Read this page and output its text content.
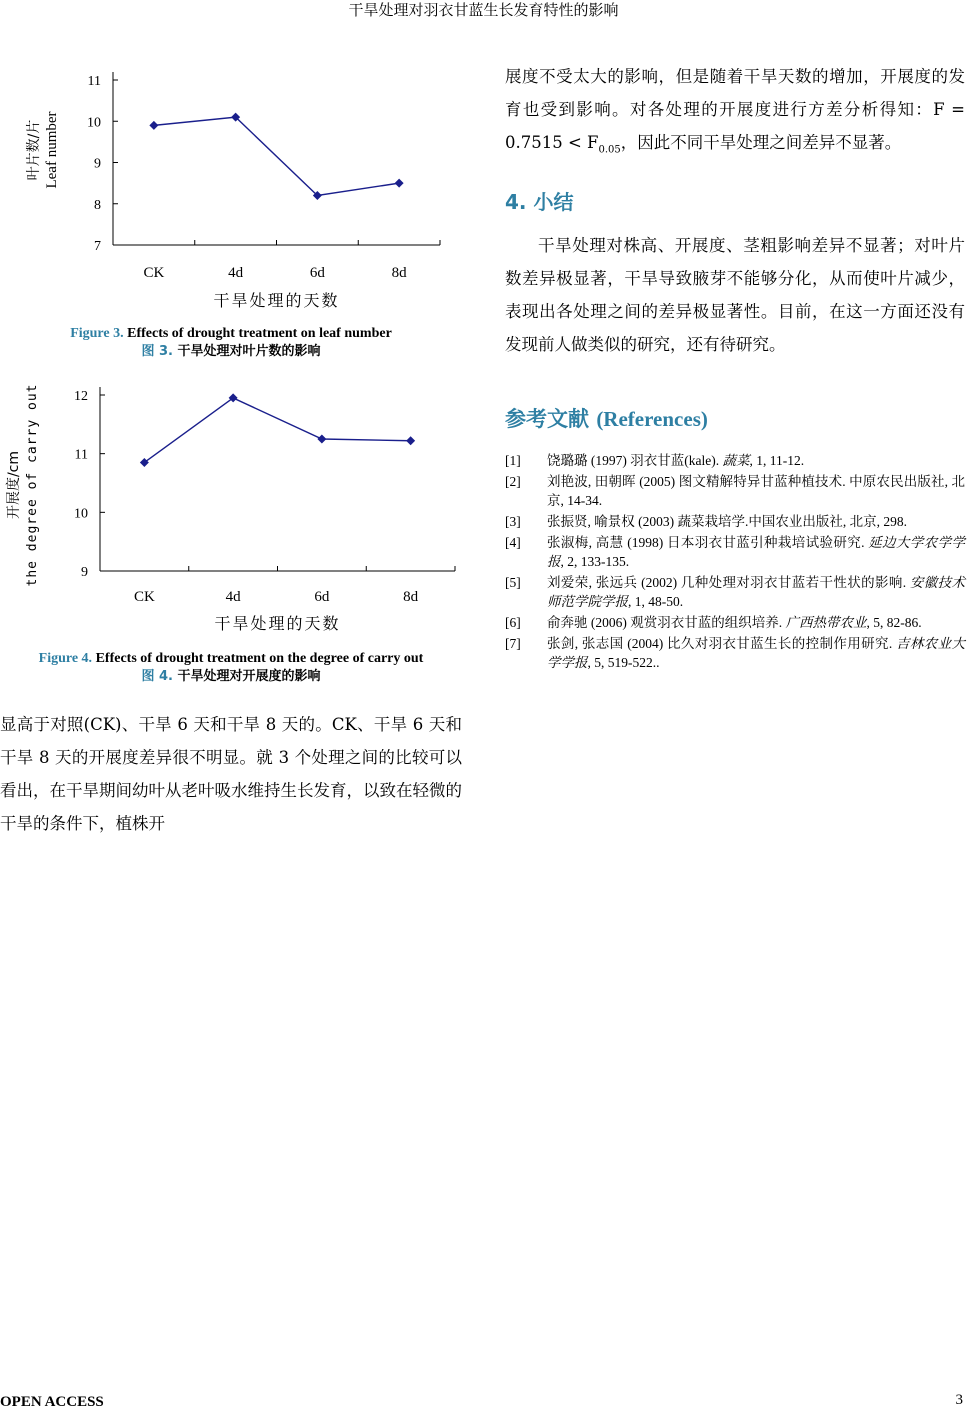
干旱处理对羽衣甘蓝生长发育特性的影响
7
8
9
10
11
CK	4d	6d	8d
干旱处理的天数
叶片数/片 Leaf number
Figure 3. Effects of drought treatment on leaf number
图 3. 干旱处理对叶片数的影响
9
10
11
12
CK	4d	6d	8d
干旱处理的天数
开展度/cm the degree of carry out
Figure 4. Effects of drought treatment on the degree of carry out
图 4. 干旱处理对开展度的影响

显高于对照(CK)、干旱 6 天和干旱 8 天的。CK、干旱 6 天和干旱 8 天的开展度差异很不明显。就 3 个处理之间的比较可以看出，在干旱期间幼叶从老叶吸水维持生长发育，以致在轻微的干旱的条件下，植株开

展度不受太大的影响，但是随着干旱天数的增加，开展度的发育也受到影响。对各处理的开展度进行方差分析得知：$F = 0.7515 < F_{0.05}$，因此不同干旱处理之间差异不显著。

4. 小结

干旱处理对株高、开展度、茎粗影响差异不显著；对叶片数差异极显著，干旱导致腋芽不能够分化，从而使叶片减少，表现出各处理之间的差异极显著性。目前，在这一方面还没有发现前人做类似的研究，还有待研究。

参考文献 (References)
[1]	饶璐璐 (1997) 羽衣甘蓝(kale). 蔬菜, 1, 11-12.
[2]	刘艳波, 田朝晖 (2005) 图文精解特异甘蓝种植技术. 中原农民出版社, 北京, 14-34.
[3]	张振贤, 喻景权 (2003) 蔬菜栽培学.中国农业出版社, 北京, 298.
[4]	张淑梅, 高慧 (1998) 日本羽衣甘蓝引种栽培试验研究. 延边大学农学学报, 2, 133-135.
[5]	刘爱荣, 张远兵 (2002) 几种处理对羽衣甘蓝若干性状的影响. 安徽技术师范学院学报, 1, 48-50.
[6]	俞奔驰 (2006) 观赏羽衣甘蓝的组织培养. 广西热带农业, 5, 82-86.
[7]	张剑, 张志国 (2004) 比久对羽衣甘蓝生长的控制作用研究. 吉林农业大学学报, 5, 519-522..
OPEN ACCESS	3
